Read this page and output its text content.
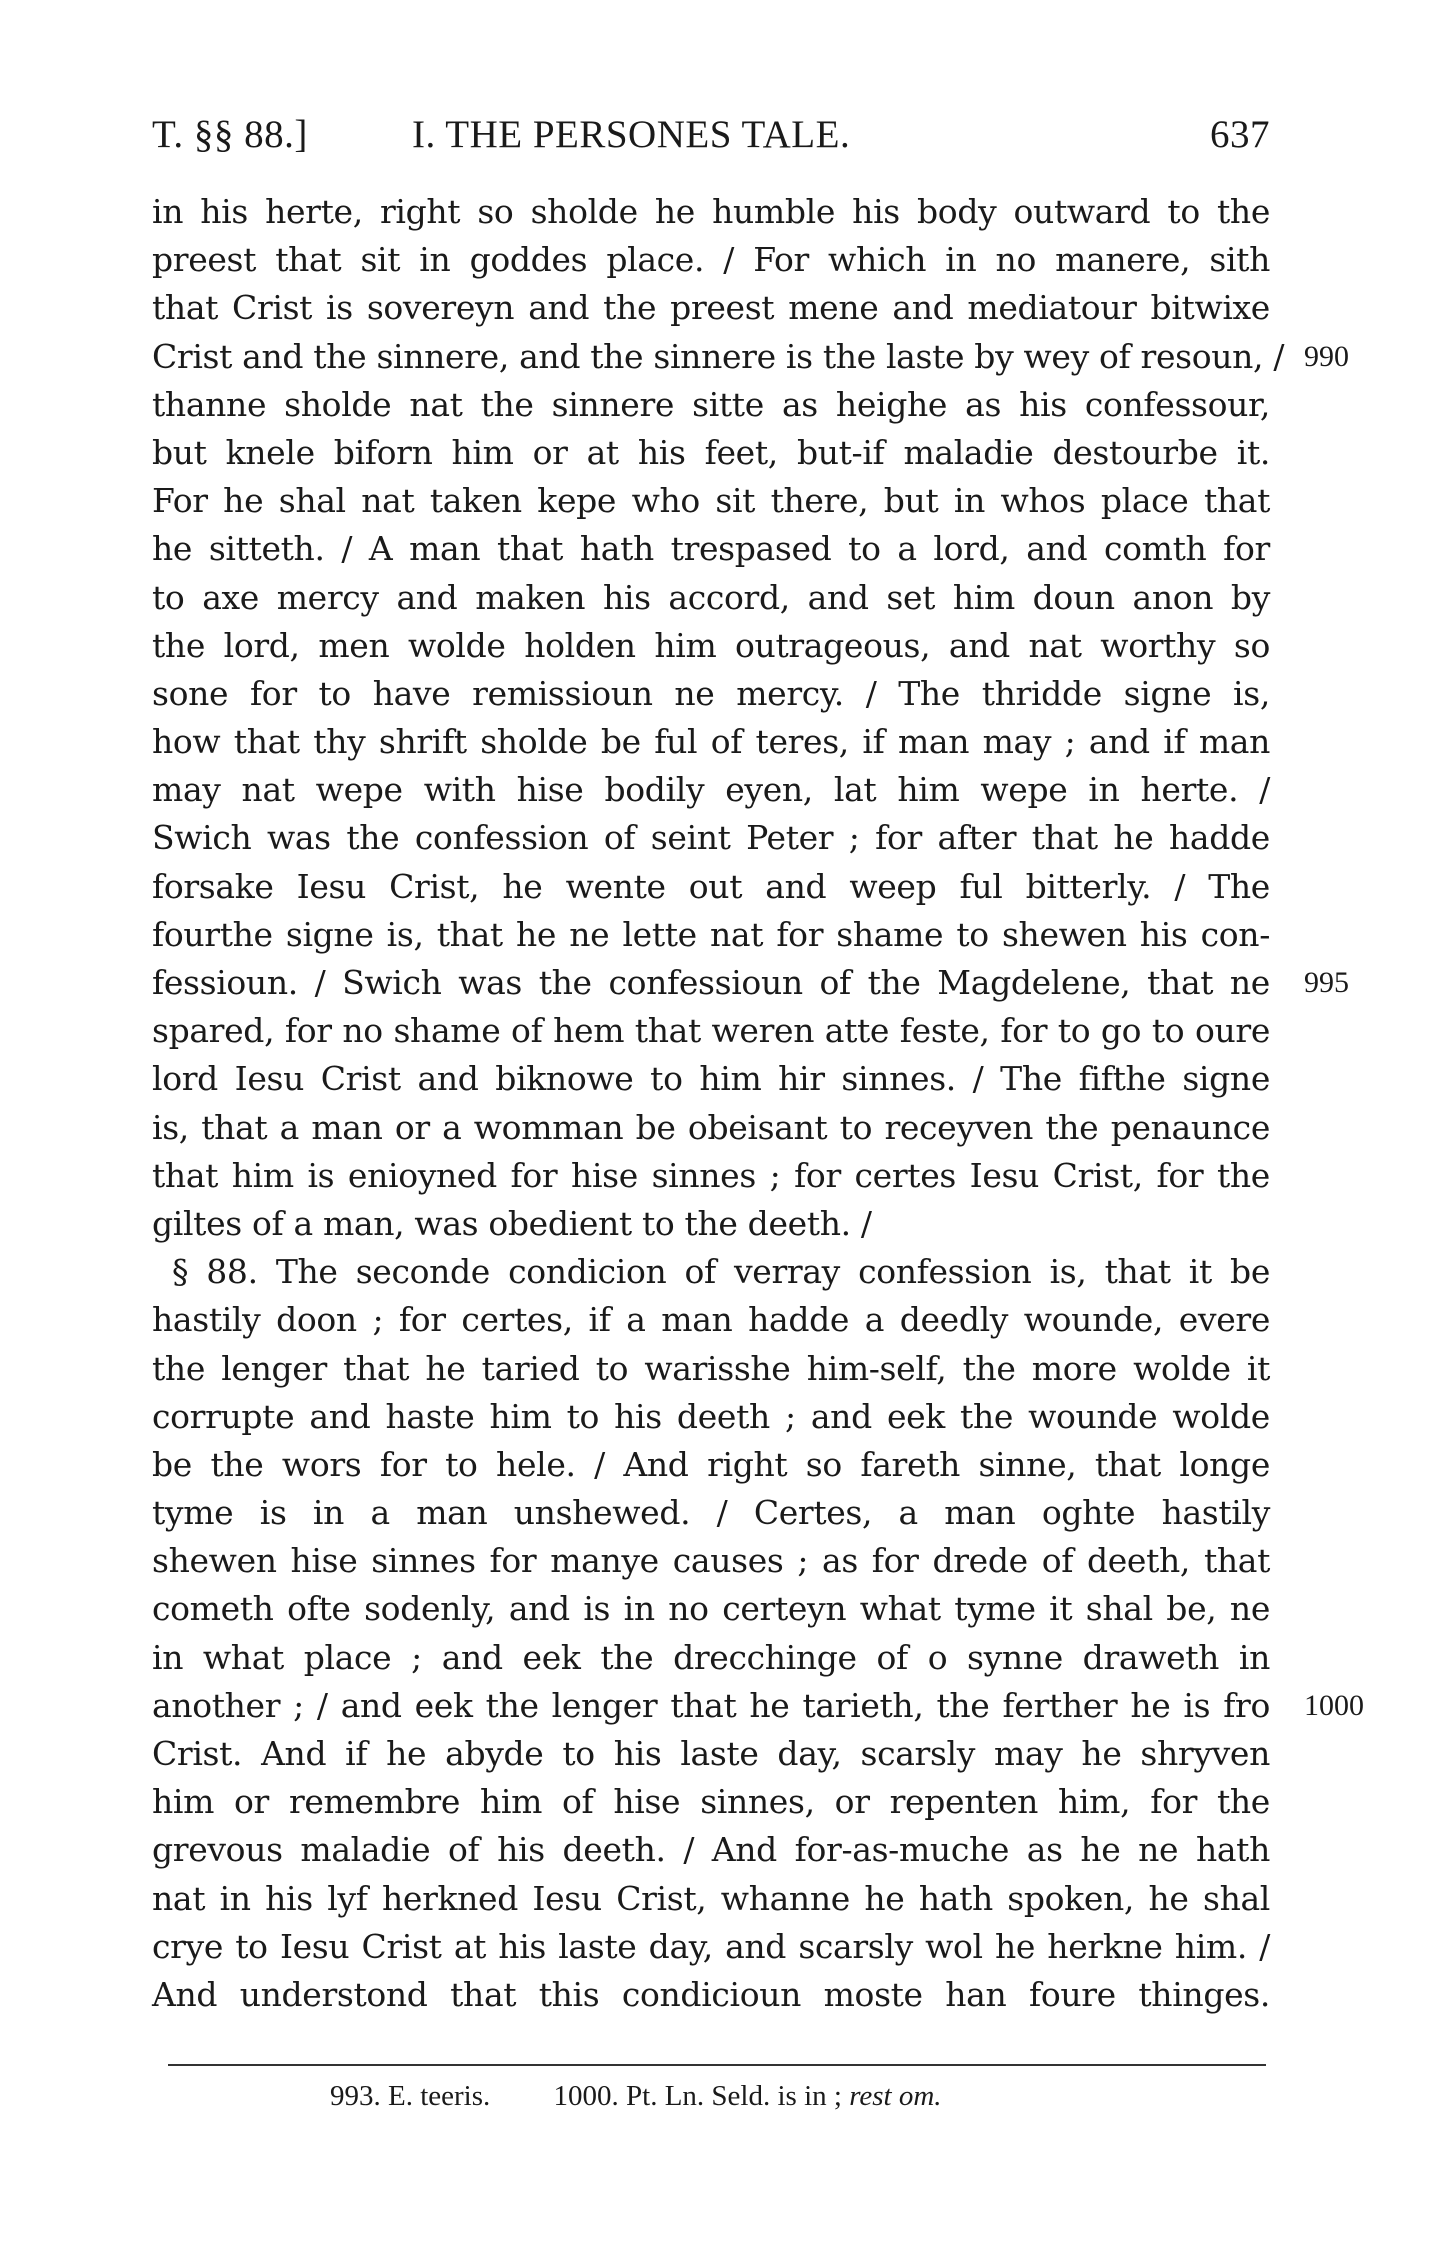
T. §§ 88.]	I. THE PERSONES TALE.	637
in his herte, right so sholde he humble his body outward to the
preest that sit in goddes place. / For which in no manere, sith
that Crist is sovereyn and the preest mene and mediatour bitwixe
Crist and the sinnere, and the sinnere is the laste by wey of resoun, / 990
thanne sholde nat the sinnere sitte as heighe as his confessour,
but knele biforn him or at his feet, but-if maladie destourbe it.
For he shal nat taken kepe who sit there, but in whos place that
he sitteth. / A man that hath trespased to a lord, and comth for
to axe mercy and maken his accord, and set him doun anon by
the lord, men wolde holden him outrageous, and nat worthy so
sone for to have remissioun ne mercy. / The thridde signe is,
how that thy shrift sholde be ful of teres, if man may ; and if man
may nat wepe with hise bodily eyen, lat him wepe in herte. /
Swich was the confession of seint Peter ; for after that he hadde
forsake Iesu Crist, he wente out and weep ful bitterly. / The
fourthe signe is, that he ne lette nat for shame to shewen his con-
fessioun. / Swich was the confessioun of the Magdelene, that ne 995
spared, for no shame of hem that weren atte feste, for to go to oure
lord Iesu Crist and biknowe to him hir sinnes. / The fifthe signe
is, that a man or a womman be obeisant to receyven the penaunce
that him is enioyned for hise sinnes ; for certes Iesu Crist, for the
giltes of a man, was obedient to the deeth. /
§ 88. The seconde condicion of verray confession is, that it be
hastily doon ; for certes, if a man hadde a deedly wounde, evere
the lenger that he taried to warisshe him-self, the more wolde it
corrupte and haste him to his deeth ; and eek the wounde wolde
be the wors for to hele. / And right so fareth sinne, that longe
tyme is in a man unshewed. / Certes, a man oghte hastily
shewen hise sinnes for manye causes ; as for drede of deeth, that
cometh ofte sodenly, and is in no certeyn what tyme it shal be, ne
in what place ; and eek the drecchinge of o synne draweth in
another ; / and eek the lenger that he tarieth, the ferther he is fro 1000
Crist. And if he abyde to his laste day, scarsly may he shryven
him or remembre him of hise sinnes, or repenten him, for the
grevous maladie of his deeth. / And for-as-muche as he ne hath
nat in his lyf herkned Iesu Crist, whanne he hath spoken, he shal
crye to Iesu Crist at his laste day, and scarsly wol he herkne him. /
And understond that this condicioun moste han foure thinges.
993. E. teeris. 1000. Pt. Ln. Seld. is in ; rest om.
